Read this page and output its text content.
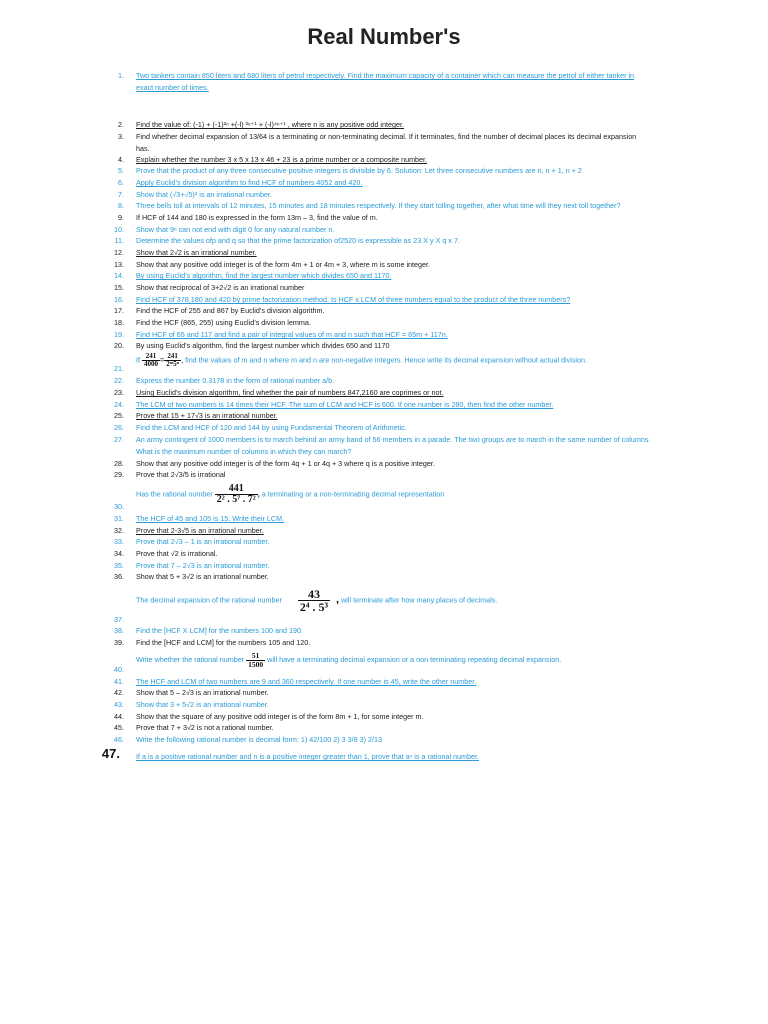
Real Number's
1. Two tankers contain 850 liters and 680 liters of petrol respectively. Find the maximum capacity of a container which can measure the petrol of either tanker in
exact number of times.
2. Find the value of: (-1) + (-1)²ⁿ +(-l) ²ⁿ⁺¹ + (-l)⁴ⁿ⁺¹ , where n is any positive odd integer.
3. Find whether decimal expansion of 13/64 is a terminating or non-terminating decimal. If it terminates, find the number of decimal places its decimal expansion
has.
4. Explain whether the number 3 x 5 x 13 x 46 + 23 is a prime number or a composite number.
5. Prove that the product of any three consecutive positive integers is divisible by 6. Solution: Let three consecutive numbers are n, n + 1, n + 2
6. Apply Euclid’s division algorithm to find HCF of numbers 4052 and 420.
7. Show that (√3+√5)² is an irrational number.
8. Three bells toll at intervals of 12 minutes, 15 minutes and 18 minutes respectively. If they start tolling together, after what time will they next toll together?
9. If HCF of 144 and 180 is expressed in the form 13m – 3, find the value of m.
10. Show that 9ⁿ can not end with digit 0 for any natural number n.
11. Determine the values ofp and q so that the prime factorization of2520 is expressible as 23 X y X q x 7.
12. Show that 2√2 is an irrational number.
13. Show that any positive odd integer is of the form 4m + 1 or 4m + 3, where m is some integer.
14. By using Euclid’s algorithm, find the largest number which divides 650 and 1170.
15. Show that reciprocal of 3+2√2 is an irrational number
16. Find HCF of 378,180 and 420 by prime factorization method. Is HCF x LCM of three numbers equal to the product of the three numbers?
17. Find the HCF of 255 and 867 by Euclid’s division algorithm.
18. Find the HCF (865, 255) using Euclid’s division lemma.
19. Find HCF of 65 and 117 and find a pair of integral values of m and n such that HCF = 65m + 117n.
20. By using Euclid’s algorithm, find the largest number which divides 650 and 1170
21.
If $\frac{241}{4000} = \frac{241}{\text{2ᵐ5ⁿ}}$ , find the values of m and n where m and n are non-negative integers. Hence write its decimal expansion without actual division.
22. Express the number 0.3178 in the form of rational number a/b.
23. Using Euclid’s division algorithm, find whether the pair of numbers 847,2160 are coprimes or not.
24. The LCM of two numbers is 14 times their HCF. The sum of LCM and HCF is 600. If one number is 280, then find the other number.
25. Prove that 15 + 17√3 is an irrational number.
26. Find the LCM and HCF of 120 and 144 by using Fundamental Theorem of Arithmetic.
27. An army contingent of 1000 members is to march behind an army band of 56 members in a parade. The two groups are to march in the same number of columns.
What is the maximum number of columns in which they can march?
28. Show that any positive odd integer is of the form 4q + 1 or 4q + 3 where q is a positive integer.
29. Prove that 2√3/5 is irrational
30.
Has the rational number $\frac{441}{\text{2² . 5⁷ . 7²}}$ , a terminating or a non-terminating decimal representation
31. The HCF of 45 and 105 is 15. Write their LCM.
32. Prove that 2-3√5 is an irrational number.
33. Prove that 2√3 – 1 is an irrational number.
34. Prove that √2 is irrational.
35. Prove that 7 – 2√3 is an irrational number.
36. Show that 5 + 3√2 is an irrational number.
37.
The decimal expansion of the rational number $\frac{43}{\text{2⁴ . 5³}}$ , will terminate after how many places of decimals.
38. Find the [HCF X LCM] for the numbers 100 and 190.
39. Find the [HCF and LCM] for the numbers 105 and 120.
40.
Write whether the rational number $\frac{51}{1500}$ will have a terminating decimal expansion or a non terminating repeating decimal expansion.
41. The HCF and LCM of two numbers are 9 and 360 respectively. If one number is 45, write the other number.
42. Show that 5 – 2√3 is an irrational number.
43. Show that 3 + 5√2 is an irrational number.
44. Show that the square of any positive odd integer is of the form 8m + 1, for some integer m.
45. Prove that 7 + 3√2 is not a rational number.
46. Write the following rational number is decimal form: 1) 42/100 2) 3 3/8 3) 2/13
47. If a is a positive rational number and n is a positive integer greater than 1, prove that aⁿ is a rational number.
